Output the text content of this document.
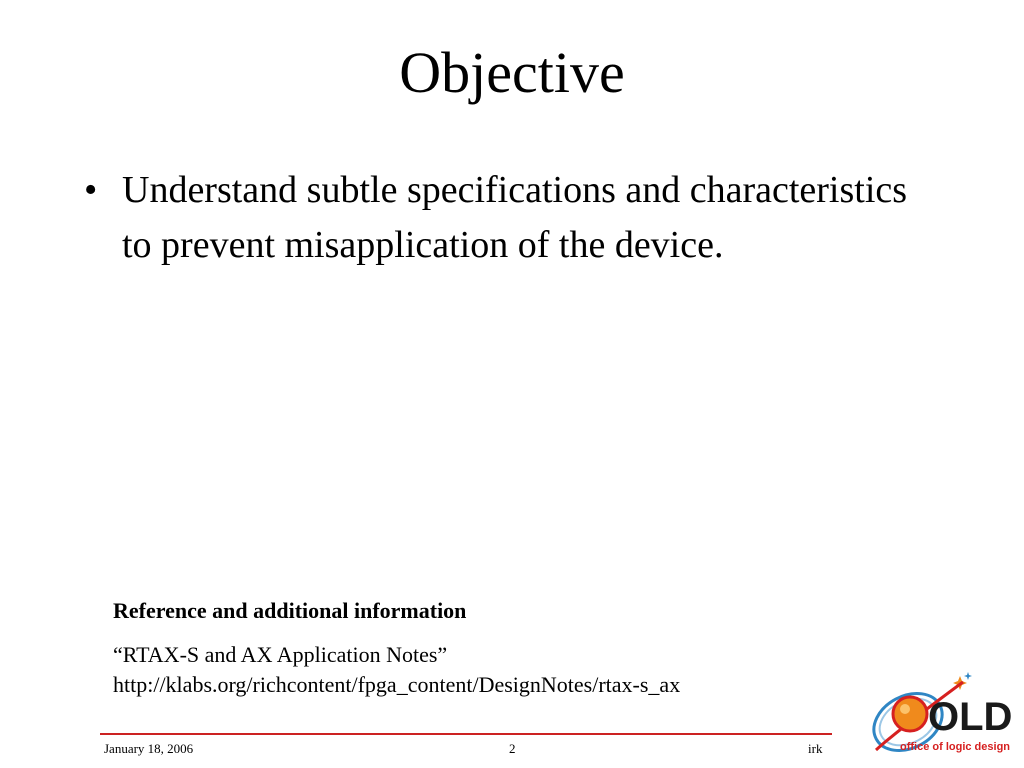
Objective
• Understand subtle specifications and characteristics to prevent misapplication of the device.
Reference and additional information
“RTAX-S and AX Application Notes”
http://klabs.org/richcontent/fpga_content/DesignNotes/rtax-s_ax
January 18, 2006	2	irk
OLD
office of logic design
